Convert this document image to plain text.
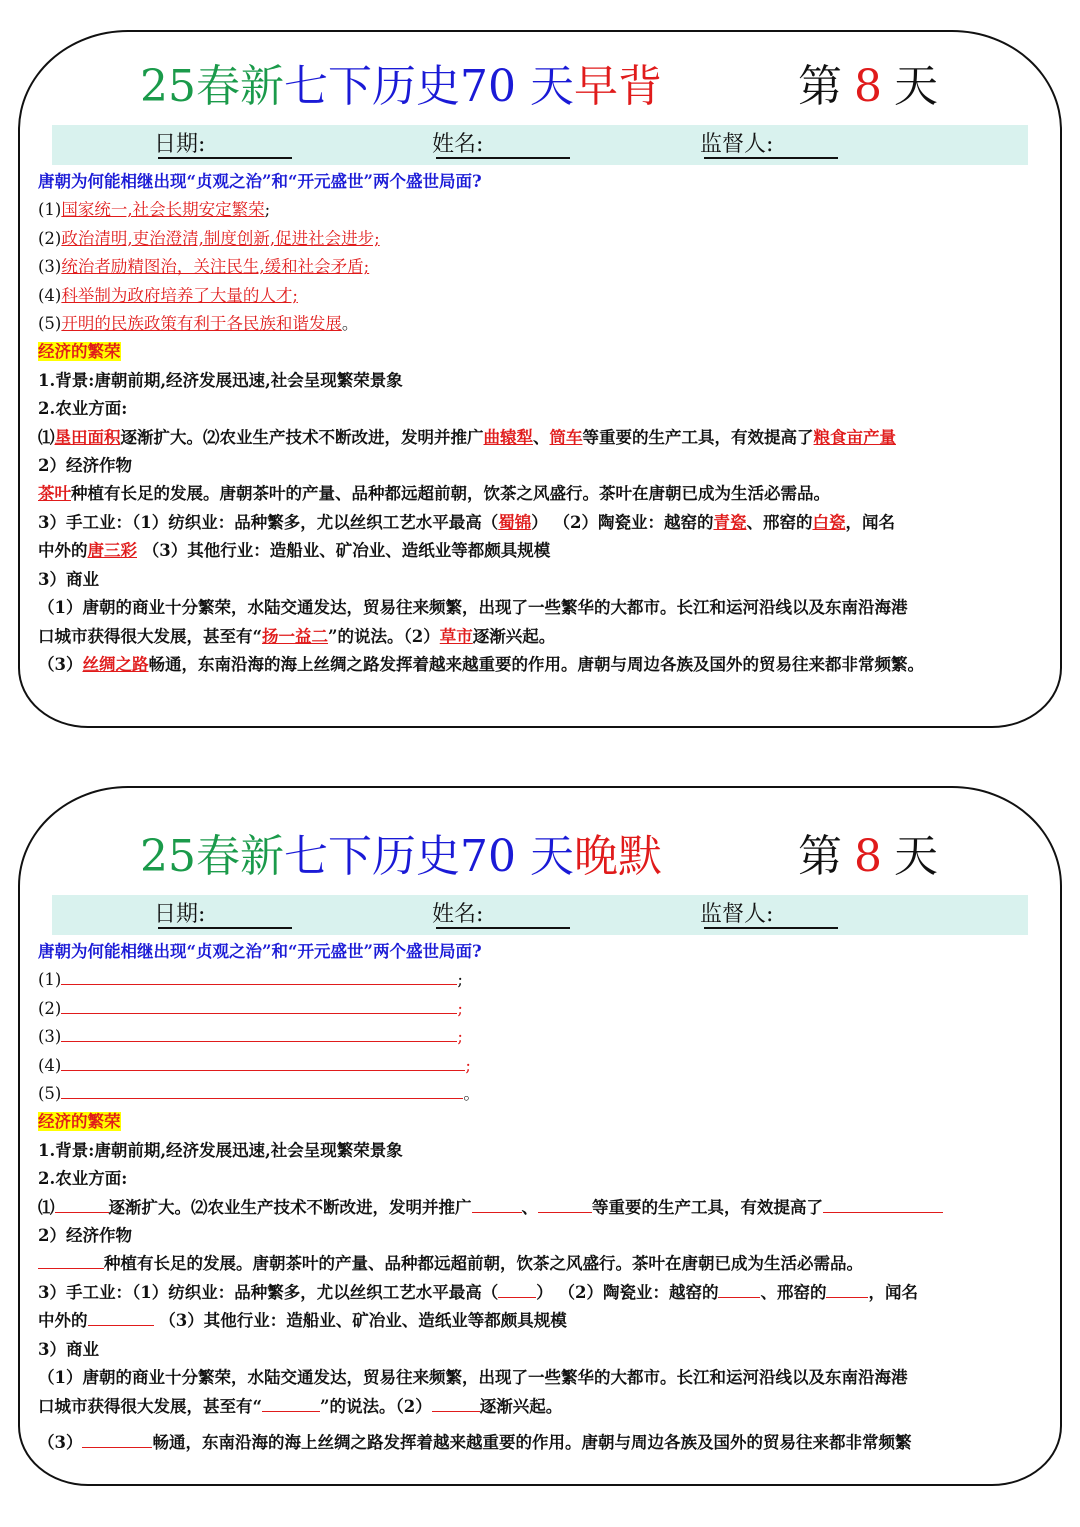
25春新七下历史70 天早背	第 8 天
日期:	姓名:	监督人:

唐朝为何能相继出现“贞观之治”和“开元盛世”两个盛世局面?

(1)国家统一,社会长期安定繁荣;

(2)政治清明,吏治澄清,制度创新,促进社会进步;

(3)统治者励精图治，关注民生,缓和社会矛盾;

(4)科举制为政府培养了大量的人才;

(5)开明的民族政策有利于各民族和谐发展。

经济的繁荣

1.背景:唐朝前期,经济发展迅速,社会呈现繁荣景象

2.农业方面:

⑴垦田面积逐渐扩大。⑵农业生产技术不断改进，发明并推广曲辕犁、筒车等重要的生产工具，有效提高了粮食亩产量

2）经济作物

茶叶种植有长足的发展。唐朝茶叶的产量、品种都远超前朝，饮茶之风盛行。茶叶在唐朝已成为生活必需品。

3）手工业：（1）纺织业：品种繁多，尤以丝织工艺水平最高（蜀锦） （2）陶瓷业：越窑的青瓷、邢窑的白瓷，闻名

中外的唐三彩 （3）其他行业：造船业、矿冶业、造纸业等都颇具规模

3）商业

（1）唐朝的商业十分繁荣，水陆交通发达，贸易往来频繁，出现了一些繁华的大都市。长江和运河沿线以及东南沿海港

口城市获得很大发展，甚至有“扬一益二”的说法。（2）草市逐渐兴起。

（3）丝绸之路畅通，东南沿海的海上丝绸之路发挥着越来越重要的作用。唐朝与周边各族及国外的贸易往来都非常频繁。

25春新七下历史70 天晚默	第 8 天
日期:	姓名:	监督人:

唐朝为何能相继出现“贞观之治”和“开元盛世”两个盛世局面?

(1)	;

(2)	;

(3)	;

(4)	;

(5)	。

经济的繁荣

1.背景:唐朝前期,经济发展迅速,社会呈现繁荣景象

2.农业方面:

⑴	逐渐扩大。⑵农业生产技术不断改进，发明并推广	、	等重要的生产工具，有效提高了

2）经济作物

种植有长足的发展。唐朝茶叶的产量、品种都远超前朝，饮茶之风盛行。茶叶在唐朝已成为生活必需品。

3）手工业：（1）纺织业：品种繁多，尤以丝织工艺水平最高（ ） （2）陶瓷业：越窑的	、邢窑的	，闻名

中外的	（3）其他行业：造船业、矿冶业、造纸业等都颇具规模

3）商业

（1）唐朝的商业十分繁荣，水陆交通发达，贸易往来频繁，出现了一些繁华的大都市。长江和运河沿线以及东南沿海港

口城市获得很大发展，甚至有“	”的说法。（2）	逐渐兴起。

（3）	畅通，东南沿海的海上丝绸之路发挥着越来越重要的作用。唐朝与周边各族及国外的贸易往来都非常频繁
